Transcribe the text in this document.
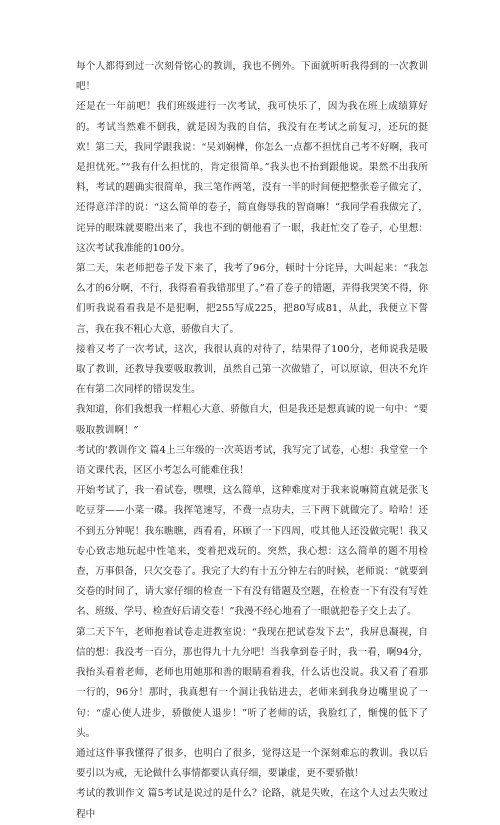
每个人都得到过一次刻骨铭心的教训，我也不例外。下面就听听我得到的一次教训吧！

还是在一年前吧！我们班级进行一次考试，我可快乐了，因为我在班上成绩算好的。考试当然难不倒我，就是因为我的自信，我没有在考试之前复习，还玩的挺欢！第二天，我同学跟我说：“吴刘娴樺，你怎么一点都不担忧自己考不好啊，我可是担忧死。”“我有什么担忧的，肯定很简单。”我头也不抬到跟他说。果然不出我所料，考试的题确实很简单，我三笔作两笔，没有一半的时间便把整张卷子做完了，还得意洋洋的说：“这么简单的卷子，简直侮辱我的智商嘛！”我同学看我做完了，诧异的眼珠就要瞪出来了，我也不到的朝他看了一眼，我赶忙交了卷子，心里想：这次考试我准能的100分。

第二天，朱老师把卷子发下来了，我考了96分，顿时十分诧异，大叫起来：“我怎么才的6分啊，不行，我得看看我错那里了。”看了卷子的错题，弄得我哭笑不得，你们听我说看看我是不是犯啊，把255写成225，把80写成81，从此，我便立下誓言，我在我不粗心大意，骄傲自大了。

接着又考了一次考试，这次，我很认真的对待了，结果得了100分，老师说我是吸取了教训，还教导我要吸取教训，虽然自己第一次做错了，可以原谅，但决不允许在有第二次同样的错误发生。

我知道，你们我想我一样粗心大意、骄傲自大，但是我还是想真诚的说一句中：“要吸取教训啊！”

考试的'教训作文 篇4上三年级的一次英语考试，我写完了试卷，心想：我堂堂一个语文课代表，区区小考怎么可能难住我！

开始考试了，我一看试卷，嘿嘿，这么简单，这种难度对于我来说嘛简直就是张飞吃豆芽——小菜一碟。我挥笔速写，不费一点功夫，三下两下就做完了。哈哈！还不到五分钟呢！我东瞧瞧，西看看，环顾了一下四周，哎其他人还没做完呢！我又专心致志地玩起中性笔来，变着把戏玩的。突然，我心想：这么简单的题不用检查，万事俱备，只欠交卷了。我完了大约有十五分钟左右的时候，老师说：“就要到交卷的时间了，请大家仔细的检查一下有没有错题及空题，在检查一下有没有写姓名、班级、学号、检查好后请交卷！”我漫不经心地看了一眼就把卷子交上去了。

第二天下午，老师抱着试卷走进教室说：“我现在把试卷发下去”，我屏息凝视，自信的想：我没考一百分，那也得九十九分吧！当我拿到卷子时，我一看，啊94分，我抬头看着老师，老师也用她那和善的眼睛看着我，什么话也没说。我又看了看那一行的，96分！那时，我真想有一个洞让我钻进去，老师来到我身边嘴里说了一句：“虚心使人进步，骄傲使人退步！”听了老师的话，我脸红了，惭愧的低下了头。

通过这件事我懂得了很多，也明白了很多，觉得这是一个深刻难忘的教训。我以后要引以为戒，无论做什么事情都要认真仔细，要谦虚，更不要骄傲！

考试的教训作文 篇5考试是说过的是什么？论路，就是失败，在这个人过去失败过程中
